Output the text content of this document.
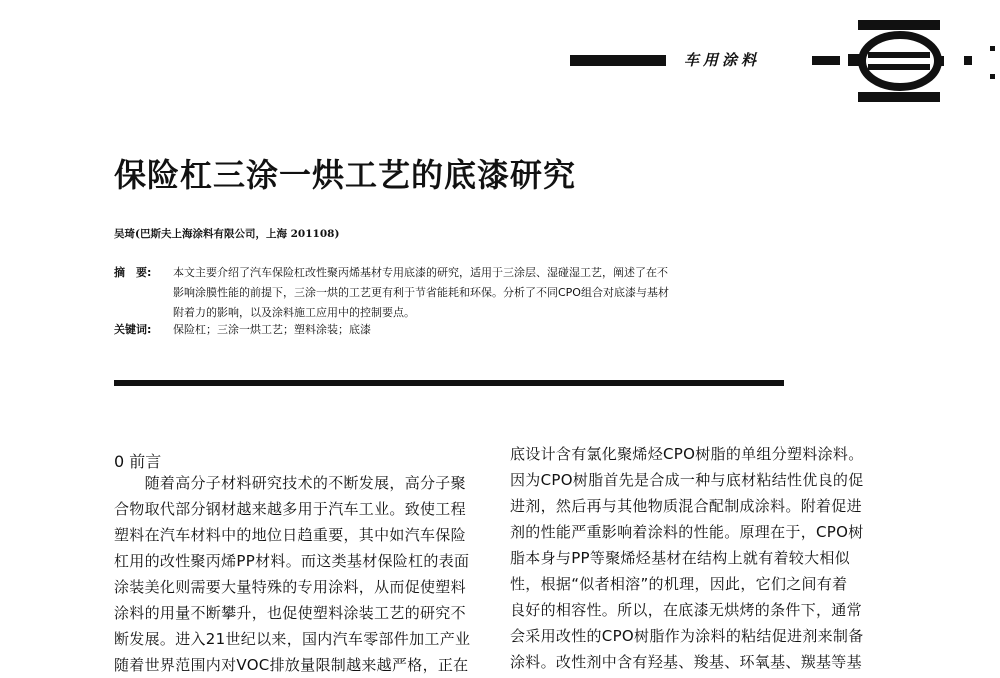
车用涂料
保险杠三涂一烘工艺的底漆研究
吴琦(巴斯夫上海涂料有限公司，上海 201108)
摘　要: 本文主要介绍了汽车保险杠改性聚丙烯基材专用底漆的研究，适用于三涂层、湿碰湿工艺，阐述了在不
影响涂膜性能的前提下，三涂一烘的工艺更有利于节省能耗和环保。分析了不同CPO组合对底漆与基材
附着力的影响，以及涂料施工应用中的控制要点。
关键词: 保险杠；三涂一烘工艺；塑料涂装；底漆
0 前言
　　随着高分子材料研究技术的不断发展，高分子聚
合物取代部分钢材越来越多用于汽车工业。致使工程
塑料在汽车材料中的地位日趋重要，其中如汽车保险
杠用的改性聚丙烯PP材料。而这类基材保险杠的表面
涂装美化则需要大量特殊的专用涂料，从而促使塑料
涂料的用量不断攀升，也促使塑料涂装工艺的研究不
断发展。进入21世纪以来，国内汽车零部件加工产业
随着世界范围内对VOC排放量限制越来越严格，正在
底设计含有氯化聚烯烃CPO树脂的单组分塑料涂料。
因为CPO树脂首先是合成一种与底材粘结性优良的促
进剂，然后再与其他物质混合配制成涂料。附着促进
剂的性能严重影响着涂料的性能。原理在于，CPO树
脂本身与PP等聚烯烃基材在结构上就有着较大相似
性，根据“似者相溶”的机理，因此，它们之间有着
良好的相容性。所以，在底漆无烘烤的条件下，通常
会采用改性的CPO树脂作为涂料的粘结促进剂来制备
涂料。改性剂中含有羟基、羧基、环氧基、羰基等基
